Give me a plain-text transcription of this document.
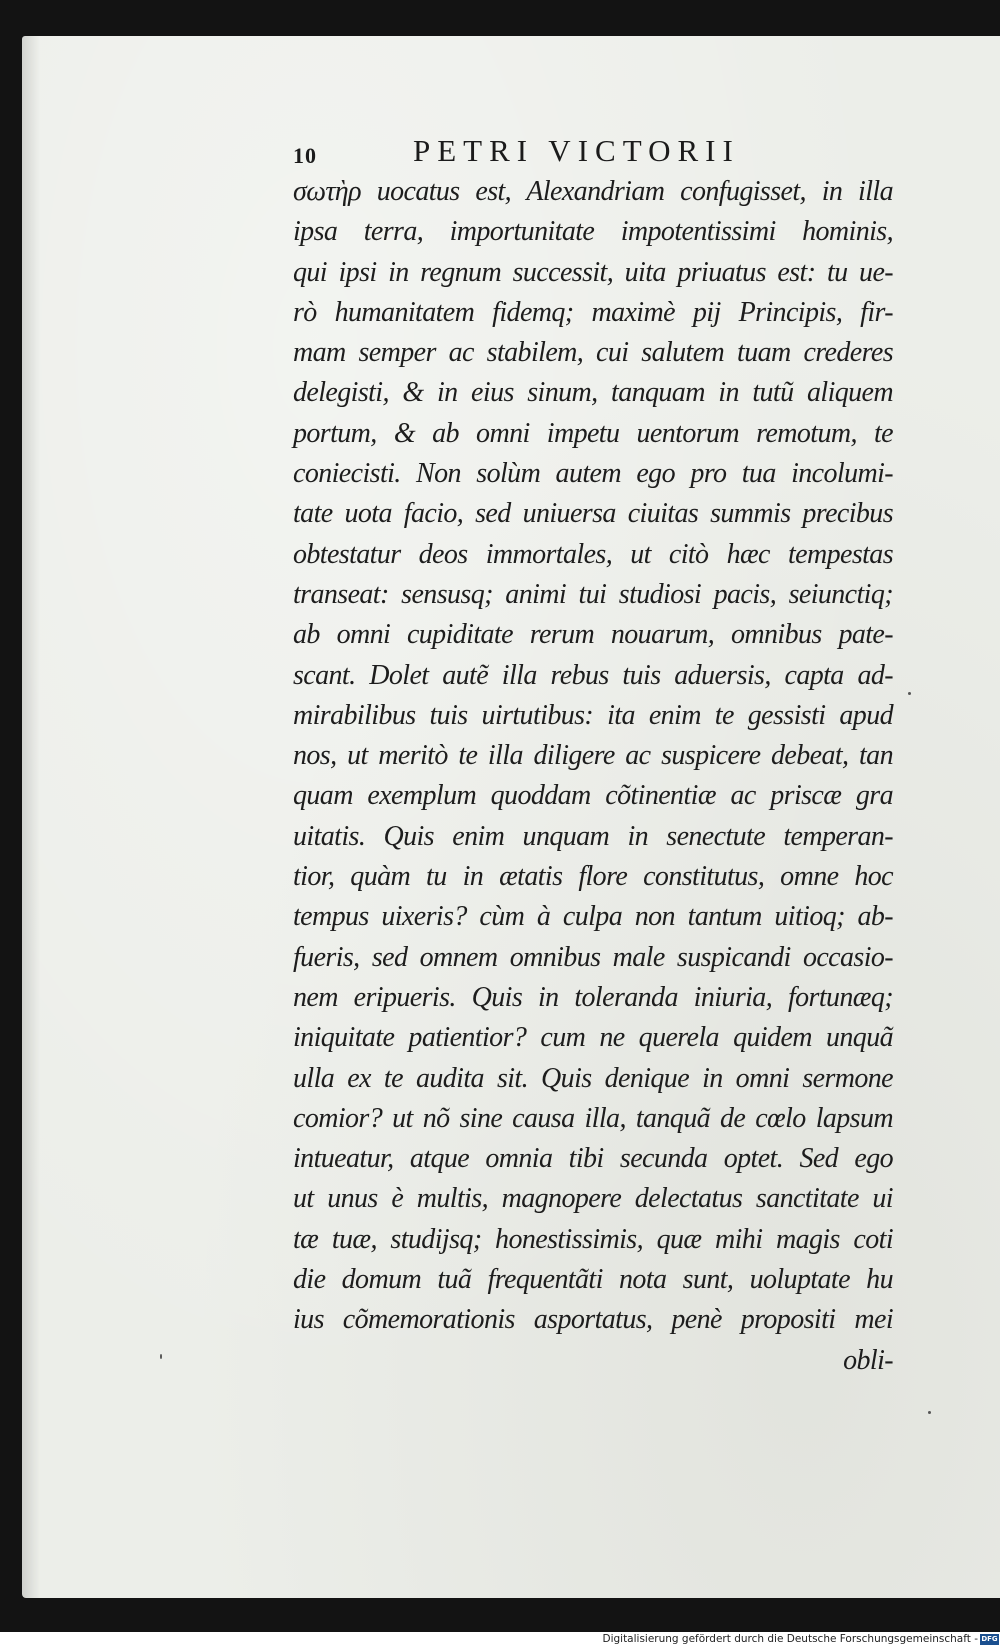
10	PETRI VICTORII
σωτὴρ uocatus est, Alexandriam confugisset, in illa
ipsa terra, importunitate impotentissimi hominis,
qui ipsi in regnum successit, uita priuatus est: tu ue-
rò humanitatem fidemq; maximè pij Principis, fir-
mam semper ac stabilem, cui salutem tuam crederes
delegisti, & in eius sinum, tanquam in tutũ aliquem
portum, & ab omni impetu uentorum remotum, te
coniecisti. Non solùm autem ego pro tua incolumi-
tate uota facio, sed uniuersa ciuitas summis precibus
obtestatur deos immortales, ut citò hæc tempestas
transeat: sensusq; animi tui studiosi pacis, seiunctiq;
ab omni cupiditate rerum nouarum, omnibus pate-
scant. Dolet autẽ illa rebus tuis aduersis, capta ad-
mirabilibus tuis uirtutibus: ita enim te gessisti apud
nos, ut meritò te illa diligere ac suspicere debeat, tan
quam exemplum quoddam cõtinentiæ ac priscæ gra
uitatis. Quis enim unquam in senectute temperan-
tior, quàm tu in ætatis flore constitutus, omne hoc
tempus uixeris? cùm à culpa non tantum uitioq; ab-
fueris, sed omnem omnibus male suspicandi occasio-
nem eripueris. Quis in toleranda iniuria, fortunæq;
iniquitate patientior? cum ne querela quidem unquã
ulla ex te audita sit. Quis denique in omni sermone
comior? ut nõ sine causa illa, tanquã de cœlo lapsum
intueatur, atque omnia tibi secunda optet. Sed ego
ut unus è multis, magnopere delectatus sanctitate ui
tæ tuæ, studijsq; honestissimis, quæ mihi magis coti
die domum tuã frequentãti nota sunt, uoluptate hu
ius cõmemorationis asportatus, penè propositi mei
obli-
Digitalisierung gefördert durch die Deutsche Forschungsgemeinschaft - DFG
